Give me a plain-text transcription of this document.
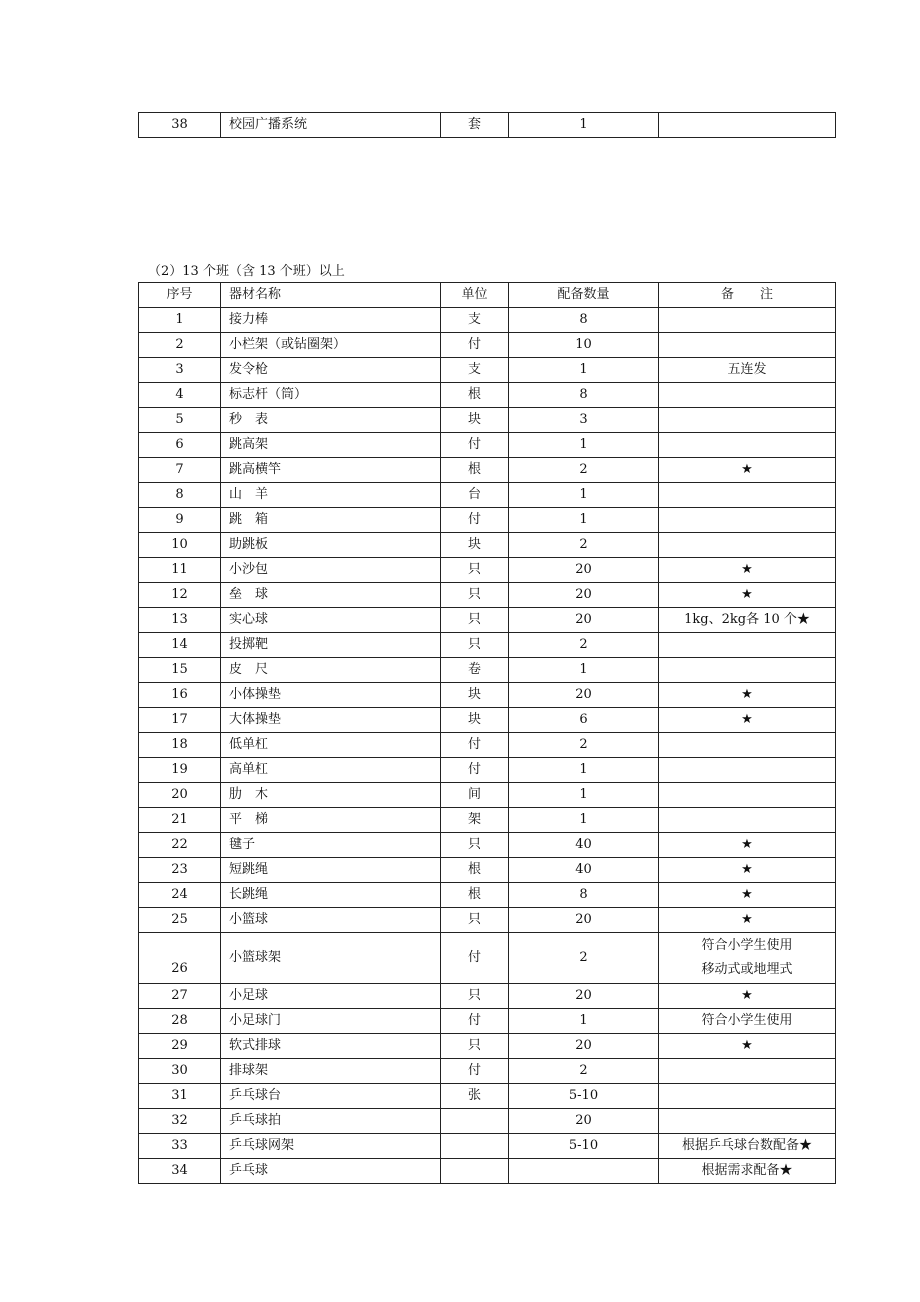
38	校园广播系统	套	1	
（2）13 个班（含 13 个班）以上
序号	器材名称	单位	配备数量	备　　注
1	接力棒	支	8	
2	小栏架（或钻圈架）	付	10	
3	发令枪	支	1	五连发
4	标志杆（筒）	根	8	
5	秒　表	块	3	
6	跳高架	付	1	
7	跳高横竿	根	2	★
8	山　羊	台	1	
9	跳　箱	付	1	
10	助跳板	块	2	
11	小沙包	只	20	★
12	垒　球	只	20	★
13	实心球	只	20	1kg、2kg各 10 个★
14	投掷靶	只	2	
15	皮　尺	卷	1	
16	小体操垫	块	20	★
17	大体操垫	块	6	★
18	低单杠	付	2	
19	高单杠	付	1	
20	肋　木	间	1	
21	平　梯	架	1	
22	毽子	只	40	★
23	短跳绳	根	40	★
24	长跳绳	根	8	★
25	小篮球	只	20	★
26	小篮球架	付	2	符合小学生使用
移动式或地埋式

27	小足球	只	20	★
28	小足球门	付	1	符合小学生使用
29	软式排球	只	20	★
30	排球架	付	2	
31	乒乓球台	张	5-10	
32	乒乓球拍		20	
33	乒乓球网架		5-10	根据乒乓球台数配备★
34	乒乓球			根据需求配备★
